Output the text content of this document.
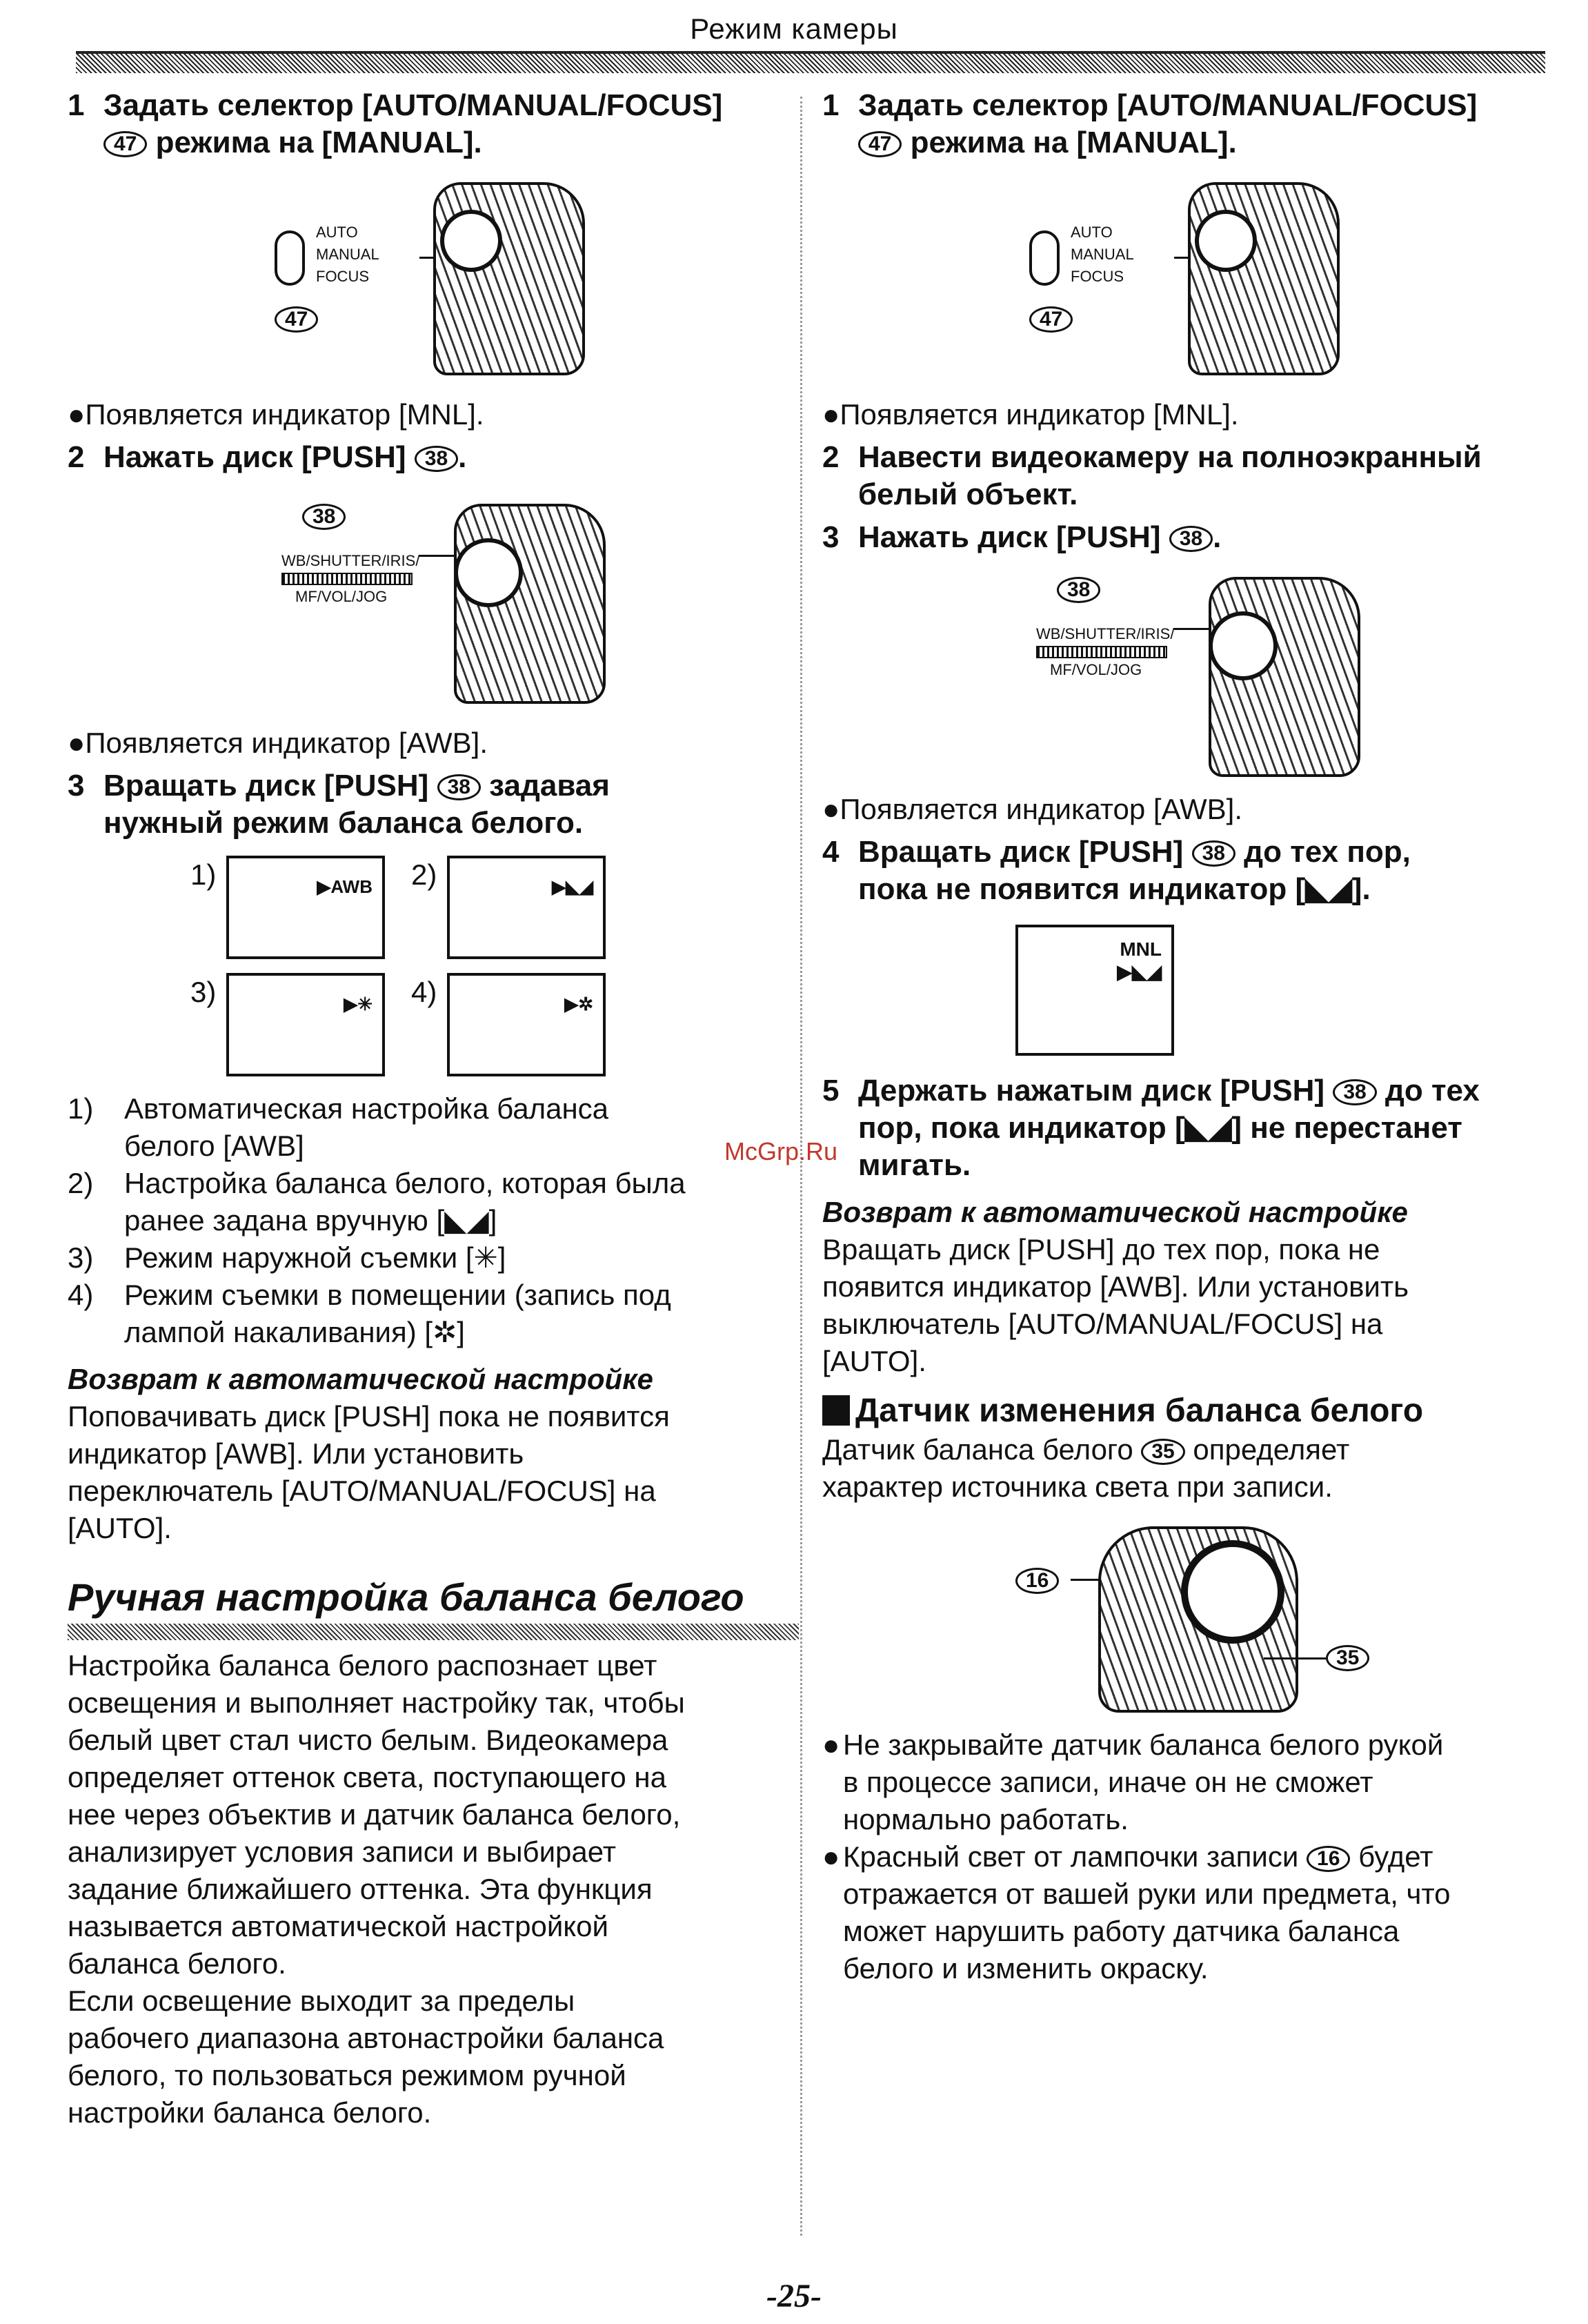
Режим камеры
1 Задать селектор [AUTO/MANUAL/FOCUS]
47 режима на [MANUAL].
AUTO
MANUAL
FOCUS
47
●Появляется индикатор [MNL].
2 Нажать диск [PUSH] 38 .
38
WB/SHUTTER/IRIS/
MF/VOL/JOG
●Появляется индикатор [AWB].
3 Вращать диск [PUSH] 38 задавая
нужный режим баланса белого.
1)	▶AWB 2)	▶◣◢
3)	▶✳ 4)	▶✲
1)	Автоматическая настройка баланса
белого [AWB]
2)	Настройка баланса белого, которая была
ранее задана вручную [◣◢]
3)	Режим наружной съемки [✳]
4)	Режим съемки в помещении (запись под
лампой накаливания) [✲]
Возврат к автоматической настройке
Поповачивать диск [PUSH] пока не появится
индикатор [AWB]. Или установить
переключатель [AUTO/MANUAL/FOCUS] на
[AUTO].
Ручная настройка баланса белого
Настройка баланса белого распознает цвет
освещения и выполняет настройку так, чтобы
белый цвет стал чисто белым. Видеокамера
определяет оттенок света, поступающего на
нее через объектив и датчик баланса белого,
анализирует условия записи и выбирает
задание ближайшего оттенка. Эта функция
называется автоматической настройкой
баланса белого.
Если освещение выходит за пределы
рабочего диапазона автонастройки баланса
белого, то пользоваться режимом ручной
настройки баланса белого.
1 Задать селектор [AUTO/MANUAL/FOCUS]
47 режима на [MANUAL].
AUTO
MANUAL
FOCUS
47
●Появляется индикатор [MNL].
2 Навести видеокамеру на полноэкранный
белый объект.
3 Нажать диск [PUSH] 38 .
38
WB/SHUTTER/IRIS/
MF/VOL/JOG
●Появляется индикатор [AWB].
4 Вращать диск [PUSH] 38 до тех пор,
пока не появится индикатор [◣◢].
MNL
▶◣◢
5 Держать нажатым диск [PUSH] 38 до тех
пор, пока индикатор [◣◢] не перестанет
мигать.
Возврат к автоматической настройке
Вращать диск [PUSH] до тех пор, пока не
появится индикатор [AWB]. Или установить
выключатель [AUTO/MANUAL/FOCUS] на
[AUTO].
Датчик изменения баланса белого
Датчик баланса белого 35 определяет
характер источника света при записи.
16
35
● Не закрывайте датчик баланса белого рукой
в процессе записи, иначе он не сможет
нормально работать.
● Красный свет от лампочки записи 16 будет
отражается от вашей руки или предмета, что
может нарушить работу датчика баланса
белого и изменить окраску.
McGrp.Ru
-25-
